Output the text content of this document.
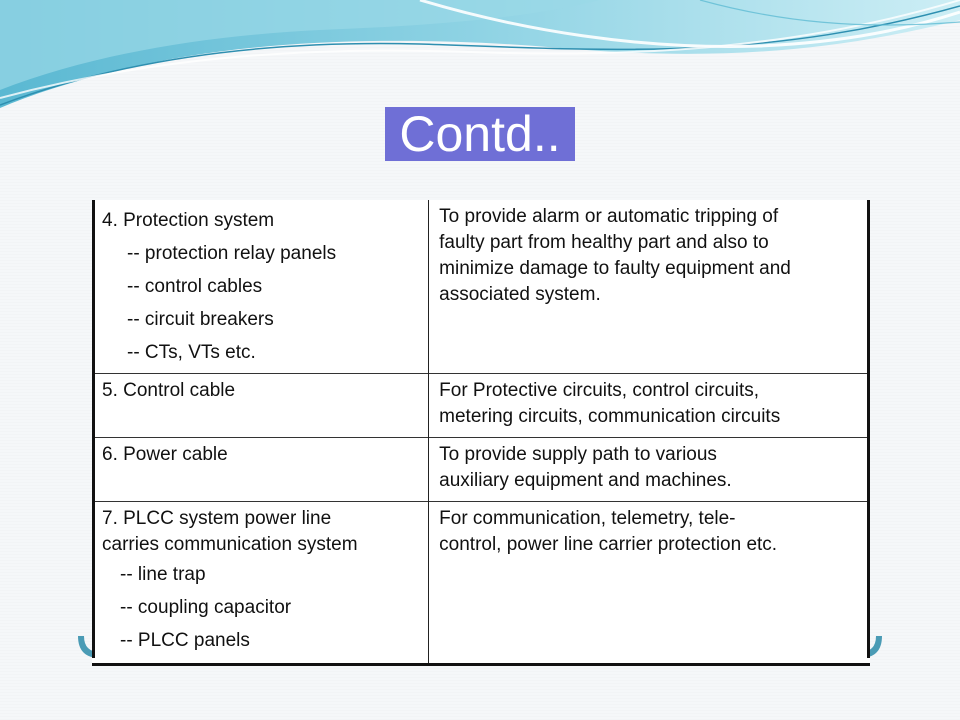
Contd..
4. Protection system
-- protection relay panels
-- control cables
-- circuit breakers
-- CTs, VTs etc.	To provide alarm or automatic tripping of
faulty part from healthy part and also to
minimize damage to faulty equipment and
associated system.

5. Control cable	For Protective circuits, control circuits,
metering circuits, communication circuits

6. Power cable	To provide supply path to various
auxiliary equipment and machines.

7. PLCC system power line
carries communication system
-- line trap
-- coupling capacitor
-- PLCC panels	For communication, telemetry, tele-
control, power line carrier protection etc.
